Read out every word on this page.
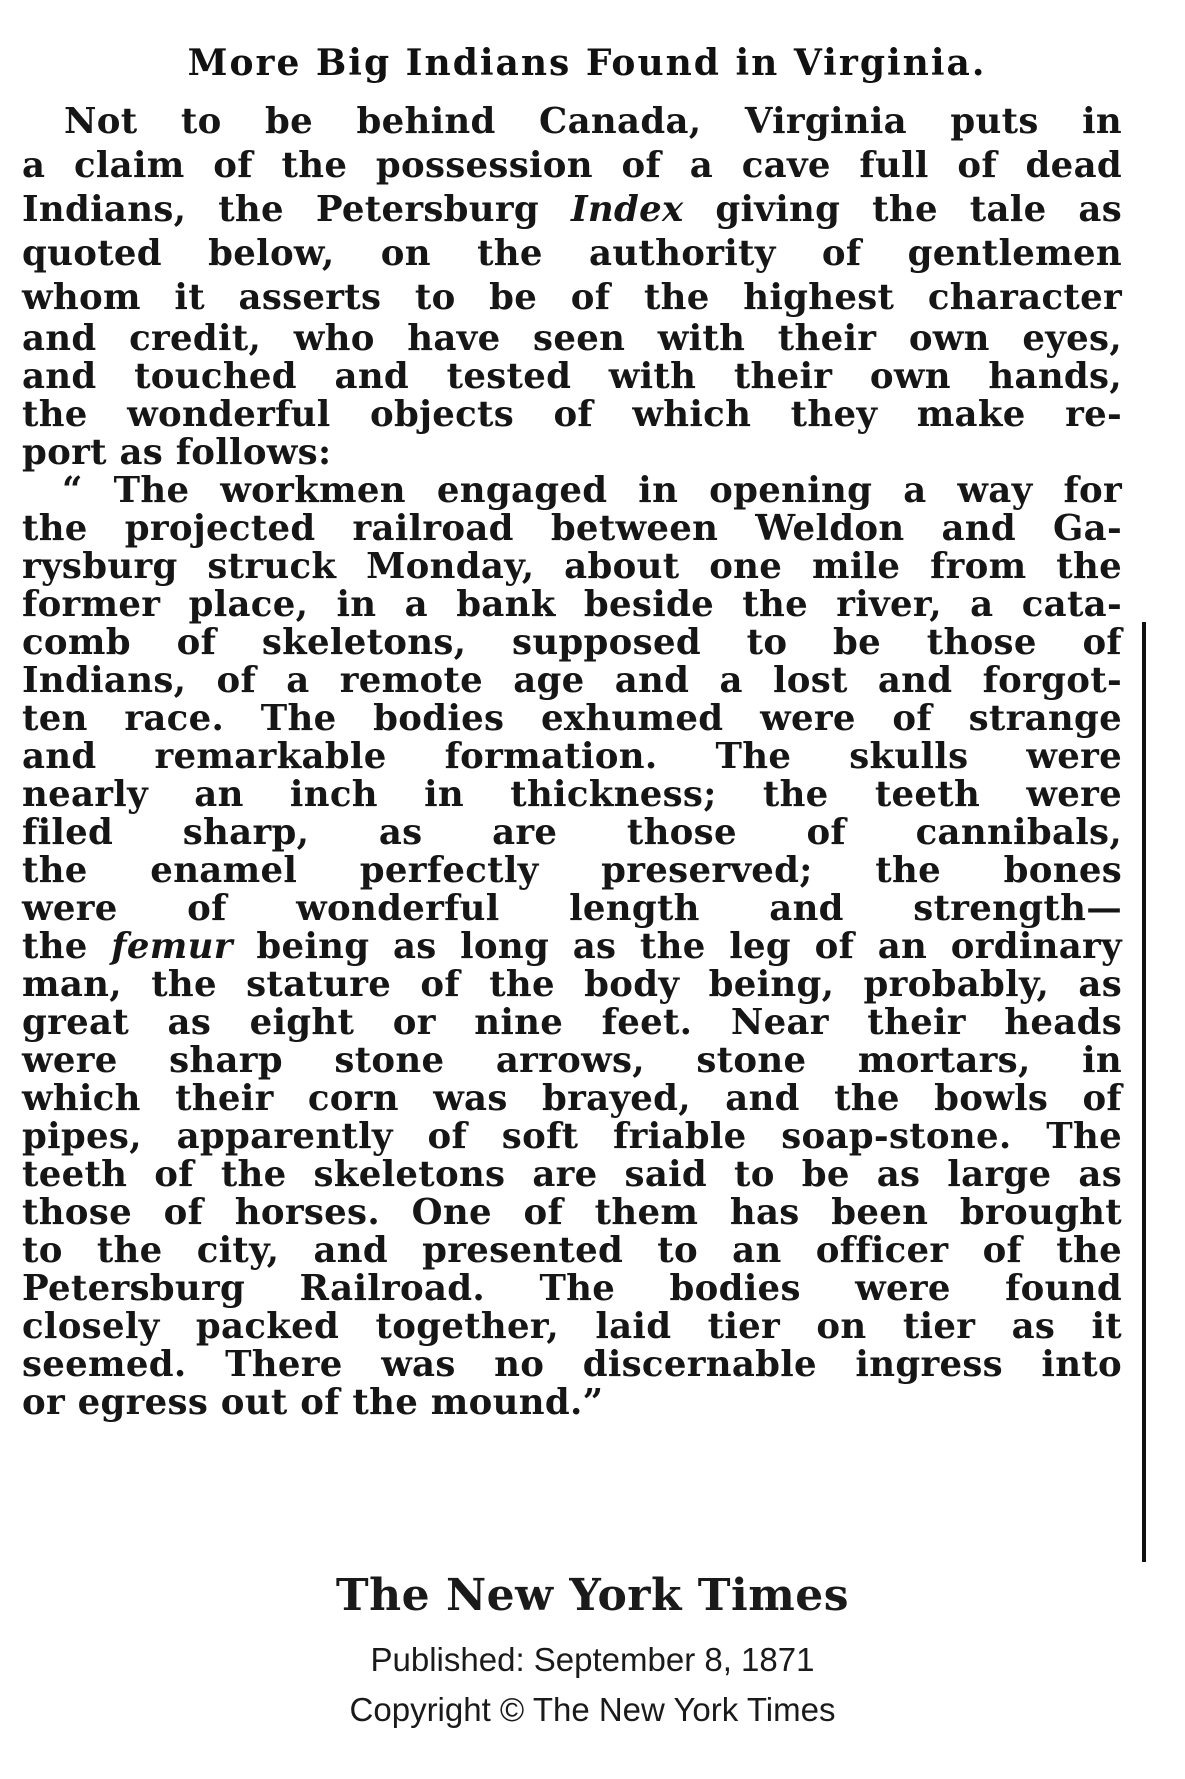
More Big Indians Found in Virginia.
Not to be behind Canada, Virginia puts in
a claim of the possession of a cave full of dead
Indians, the Petersburg Index giving the tale as
quoted below, on the authority of gentlemen
whom it asserts to be of the highest character
and credit, who have seen with their own eyes,
and touched and tested with their own hands,
the wonderful objects of which they make re-
port as follows:
“ The workmen engaged in opening a way for
the projected railroad between Weldon and Ga-
rysburg struck Monday, about one mile from the
former place, in a bank beside the river, a cata-
comb of skeletons, supposed to be those of
Indians, of a remote age and a lost and forgot-
ten race. The bodies exhumed were of strange
and remarkable formation. The skulls were
nearly an inch in thickness; the teeth were
filed sharp, as are those of cannibals,
the enamel perfectly preserved; the bones
were of wonderful length and strength—
the femur being as long as the leg of an ordinary
man, the stature of the body being, probably, as
great as eight or nine feet. Near their heads
were sharp stone arrows, stone mortars, in
which their corn was brayed, and the bowls of
pipes, apparently of soft friable soap-stone. The
teeth of the skeletons are said to be as large as
those of horses. One of them has been brought
to the city, and presented to an officer of the
Petersburg Railroad. The bodies were found
closely packed together, laid tier on tier as it
seemed. There was no discernable ingress into
or egress out of the mound.”
The New York Times
Published: September 8, 1871
Copyright © The New York Times
